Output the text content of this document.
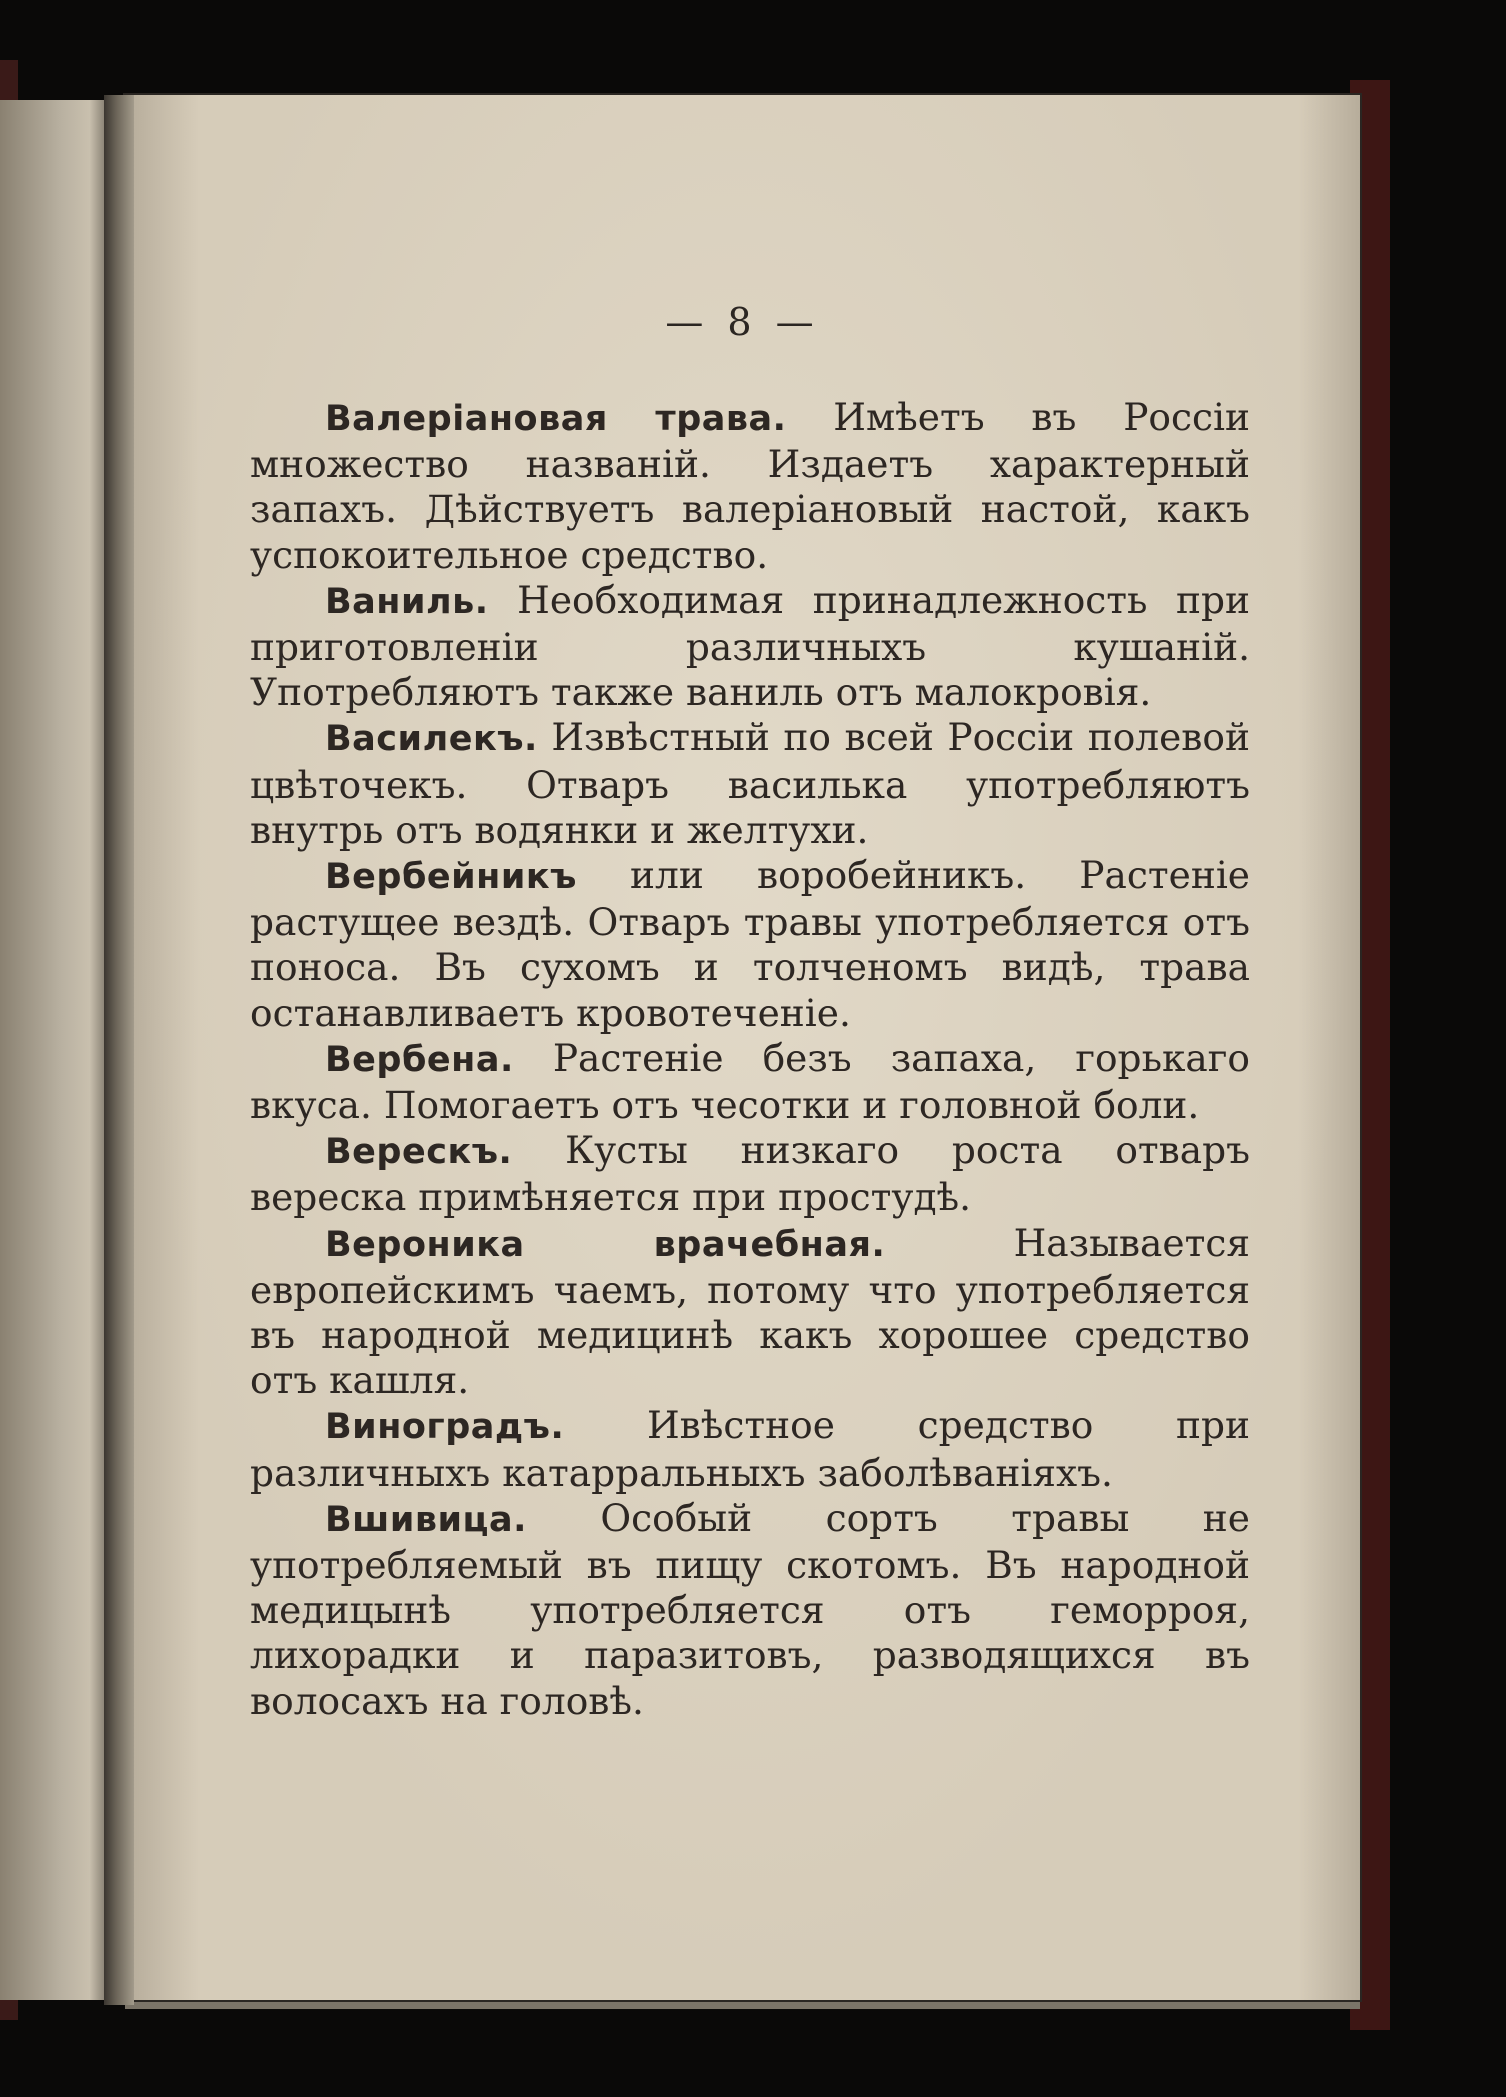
— 8 —

Валеріановая трава. Имѣетъ въ Россіи множество названій. Издаетъ характерный запахъ. Дѣйствуетъ валеріановый настой, какъ успокоительное средство.

Ваниль. Необходимая принадлежность при приготовленіи различныхъ кушаній. Употребляютъ также ваниль отъ малокровія.

Василекъ. Извѣстный по всей Россіи полевой цвѣточекъ. Отваръ василька употребляютъ внутрь отъ водянки и желтухи.

Вербейникъ или воробейникъ. Растеніе растущее вездѣ. Отваръ травы употребляется отъ поноса. Въ сухомъ и толченомъ видѣ, трава останавливаетъ кровотеченіе.

Вербена. Растеніе безъ запаха, горькаго вкуса. Помогаетъ отъ чесотки и головной боли.

Верескъ. Кусты низкаго роста отваръ вереска примѣняется при простудѣ.

Вероника врачебная.	Называется европейскимъ чаемъ, потому что употребляется въ народной медицинѣ какъ хорошее средство отъ кашля.

Виноградъ. Ивѣстное средство при различныхъ катарральныхъ заболѣваніяхъ.

Вшивица. Особый сортъ травы не употребляемый въ пищу скотомъ. Въ народной медицынѣ употребляется отъ геморроя, лихорадки и паразитовъ, разводящихся въ волосахъ на головѣ.
